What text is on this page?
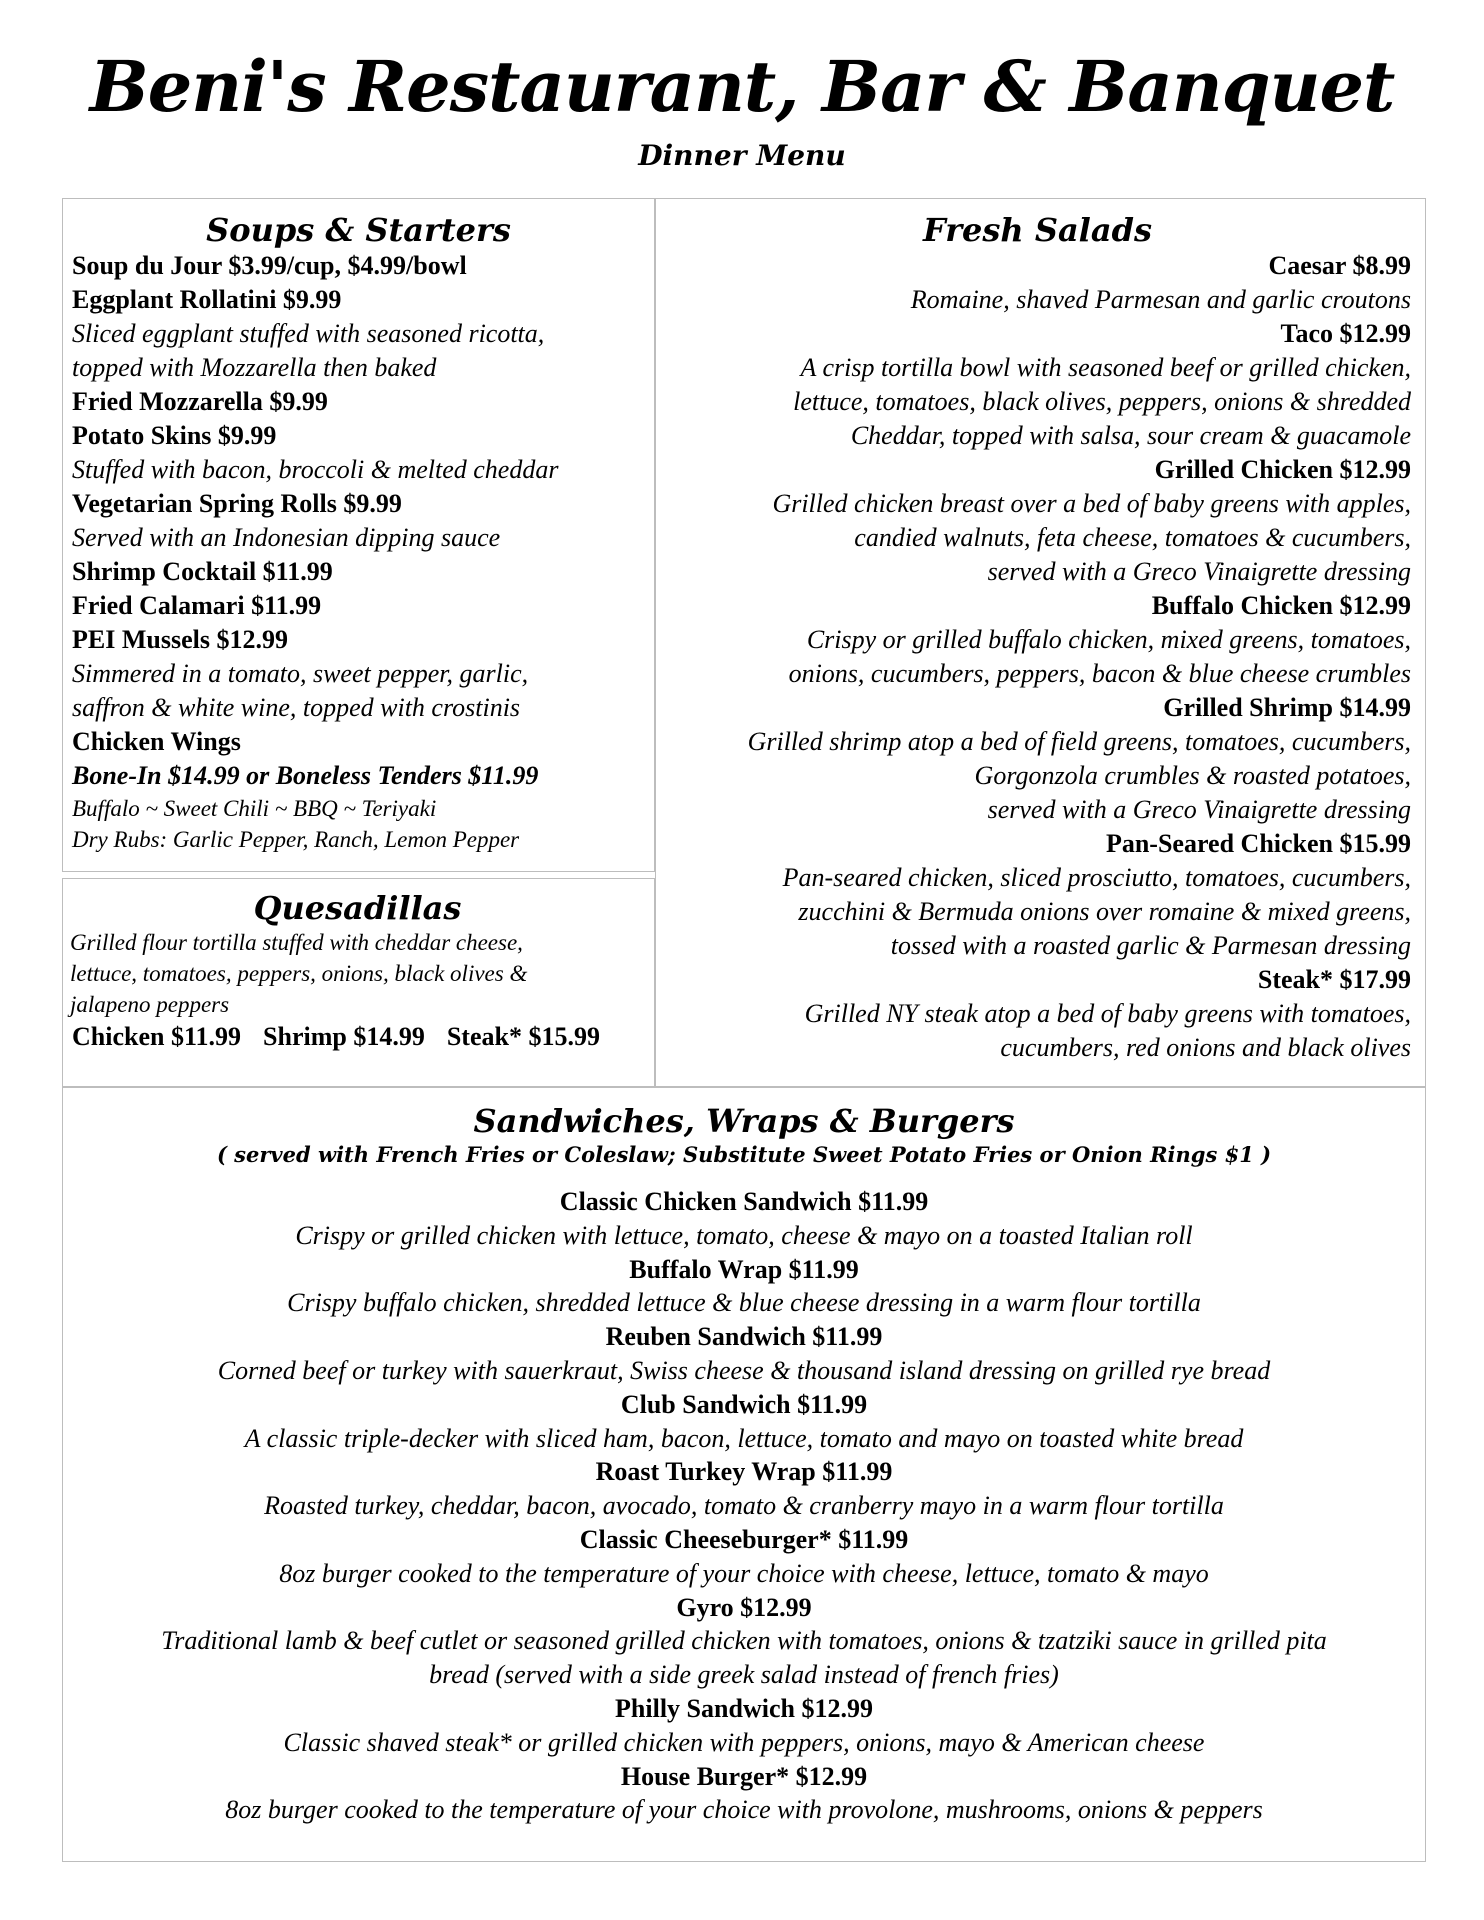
Beni's Restaurant, Bar & Banquet
Dinner Menu
Soups & Starters
Soup du Jour $3.99/cup, $4.99/bowl
Eggplant Rollatini $9.99
Sliced eggplant stuffed with seasoned ricotta,
topped with Mozzarella then baked
Fried Mozzarella $9.99
Potato Skins $9.99
Stuffed with bacon, broccoli & melted cheddar
Vegetarian Spring Rolls $9.99
Served with an Indonesian dipping sauce
Shrimp Cocktail $11.99
Fried Calamari $11.99
PEI Mussels $12.99
Simmered in a tomato, sweet pepper, garlic,
saffron & white wine, topped with crostinis
Chicken Wings
Bone-In $14.99 or Boneless Tenders $11.99
Buffalo ~ Sweet Chili ~ BBQ ~ Teriyaki
Dry Rubs: Garlic Pepper, Ranch, Lemon Pepper
Quesadillas
Grilled flour tortilla stuffed with cheddar cheese,
lettuce, tomatoes, peppers, onions, black olives &
jalapeno peppers
Chicken $11.99 Shrimp $14.99 Steak* $15.99
Fresh Salads
Caesar $8.99
Romaine, shaved Parmesan and garlic croutons
Taco $12.99
A crisp tortilla bowl with seasoned beef or grilled chicken,
lettuce, tomatoes, black olives, peppers, onions & shredded
Cheddar, topped with salsa, sour cream & guacamole
Grilled Chicken $12.99
Grilled chicken breast over a bed of baby greens with apples,
candied walnuts, feta cheese, tomatoes & cucumbers,
served with a Greco Vinaigrette dressing
Buffalo Chicken $12.99
Crispy or grilled buffalo chicken, mixed greens, tomatoes,
onions, cucumbers, peppers, bacon & blue cheese crumbles
Grilled Shrimp $14.99
Grilled shrimp atop a bed of field greens, tomatoes, cucumbers,
Gorgonzola crumbles & roasted potatoes,
served with a Greco Vinaigrette dressing
Pan-Seared Chicken $15.99
Pan-seared chicken, sliced prosciutto, tomatoes, cucumbers,
zucchini & Bermuda onions over romaine & mixed greens,
tossed with a roasted garlic & Parmesan dressing
Steak* $17.99
Grilled NY steak atop a bed of baby greens with tomatoes,
cucumbers, red onions and black olives
Sandwiches, Wraps & Burgers
( served with French Fries or Coleslaw; Substitute Sweet Potato Fries or Onion Rings $1 )
Classic Chicken Sandwich $11.99
Crispy or grilled chicken with lettuce, tomato, cheese & mayo on a toasted Italian roll
Buffalo Wrap $11.99
Crispy buffalo chicken, shredded lettuce & blue cheese dressing in a warm flour tortilla
Reuben Sandwich $11.99
Corned beef or turkey with sauerkraut, Swiss cheese & thousand island dressing on grilled rye bread
Club Sandwich $11.99
A classic triple-decker with sliced ham, bacon, lettuce, tomato and mayo on toasted white bread
Roast Turkey Wrap $11.99
Roasted turkey, cheddar, bacon, avocado, tomato & cranberry mayo in a warm flour tortilla
Classic Cheeseburger* $11.99
8oz burger cooked to the temperature of your choice with cheese, lettuce, tomato & mayo
Gyro $12.99
Traditional lamb & beef cutlet or seasoned grilled chicken with tomatoes, onions & tzatziki sauce in grilled pita
bread (served with a side greek salad instead of french fries)
Philly Sandwich $12.99
Classic shaved steak* or grilled chicken with peppers, onions, mayo & American cheese
House Burger* $12.99
8oz burger cooked to the temperature of your choice with provolone, mushrooms, onions & peppers
